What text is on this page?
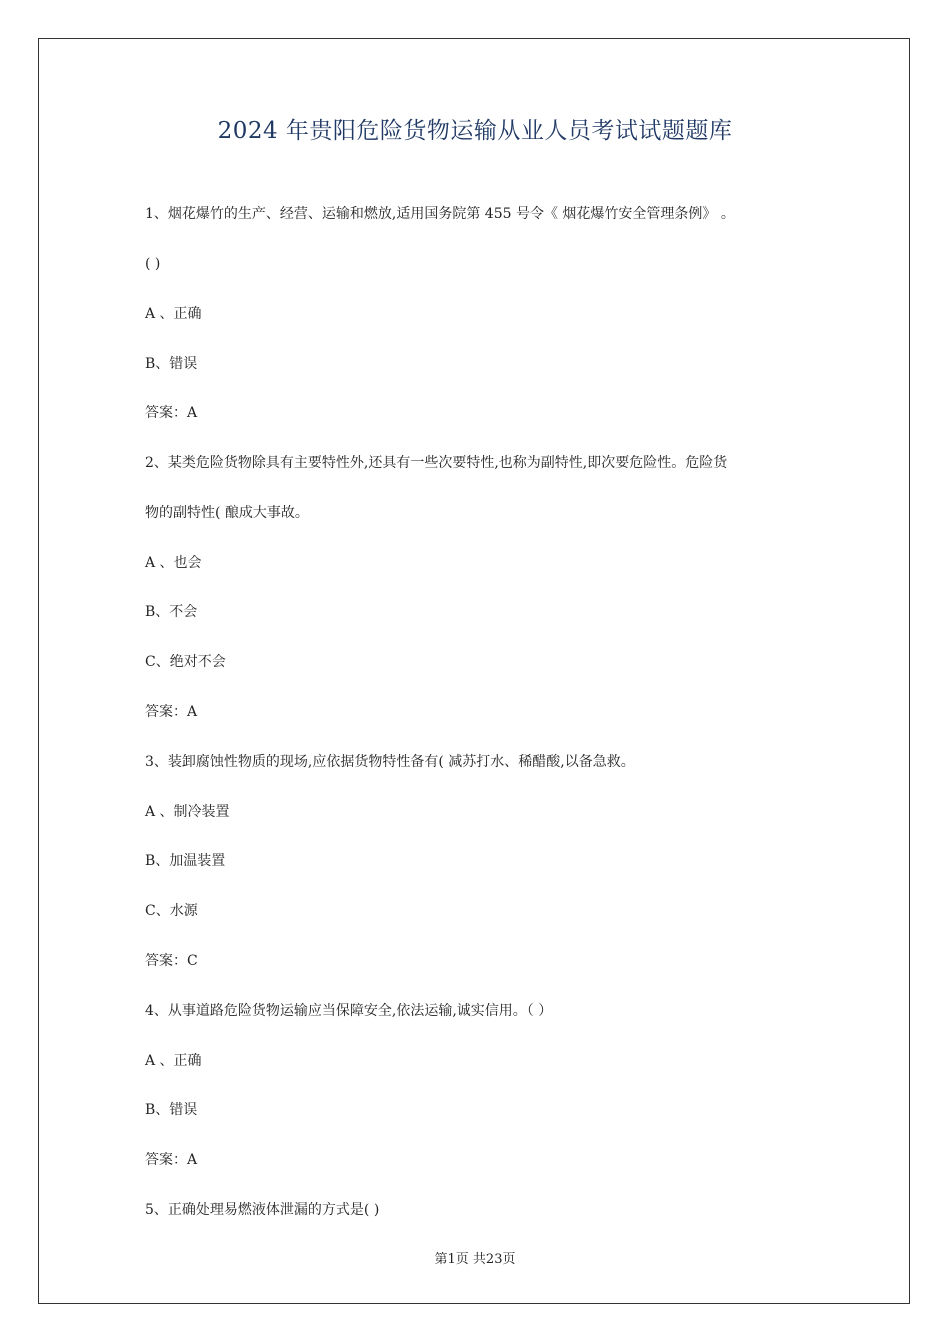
2024 年贵阳危险货物运输从业人员考试试题题库
1、烟花爆竹的生产、经营、运输和燃放,适用国务院第 455 号令《 烟花爆竹安全管理条例》 。
( )
A 、正确
B、错误
答案：A
2、某类危险货物除具有主要特性外,还具有一些次要特性,也称为副特性,即次要危险性。危险货
物的副特性( 酿成大事故。
A 、也会
B、不会
C、绝对不会
答案：A
3、装卸腐蚀性物质的现场,应依据货物特性备有( 减苏打水、稀醋酸,以备急救。
A 、制冷装置
B、加温装置
C、水源
答案：C
4、从事道路危险货物运输应当保障安全,依法运输,诚实信用。（ ）
A 、正确
B、错误
答案：A
5、正确处理易燃液体泄漏的方式是( )
第1页 共23页
